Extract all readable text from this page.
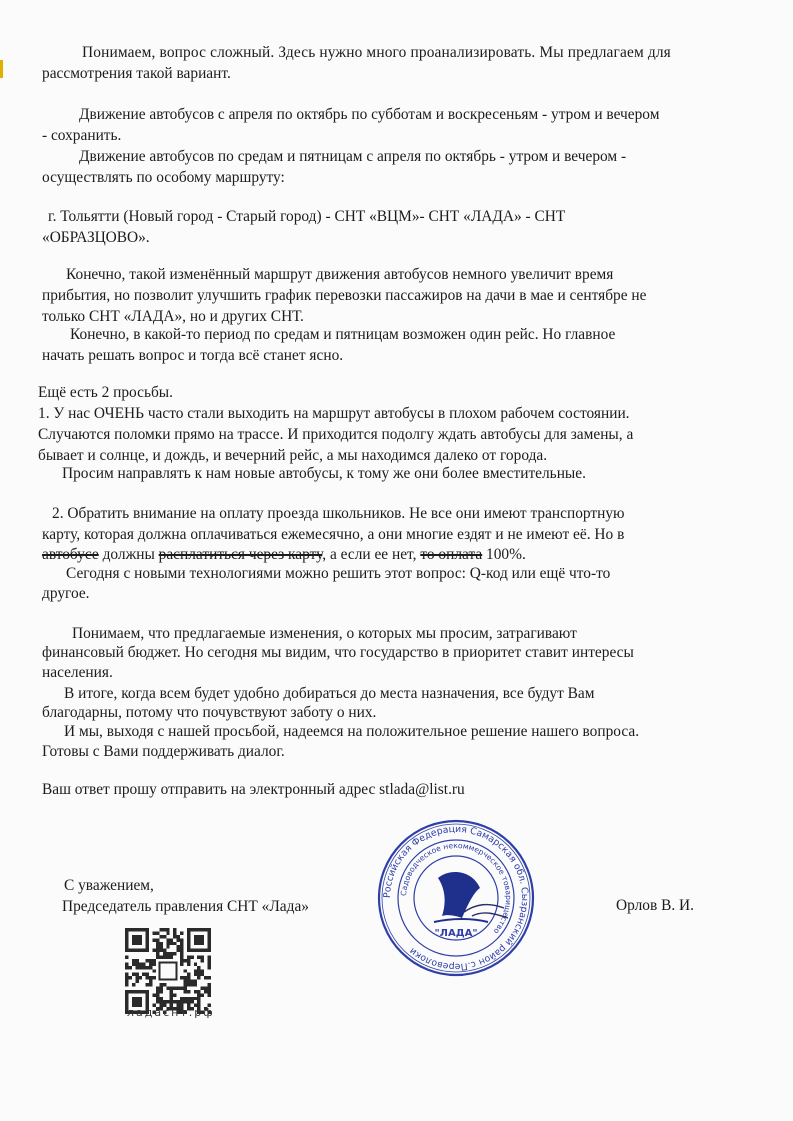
Понимаем, вопрос сложный. Здесь нужно много проанализировать. Мы предлагаем для
рассмотрения такой вариант.
Движение автобусов с апреля по октябрь по субботам и воскресеньям - утром и вечером
- сохранить.
Движение автобусов по средам и пятницам с апреля по октябрь - утром и вечером -
осуществлять по особому маршруту:
г. Тольятти (Новый город - Старый город) - СНТ «ВЦМ»- СНТ «ЛАДА» - СНТ
«ОБРАЗЦОВО».
Конечно, такой изменённый маршрут движения автобусов немного увеличит время
прибытия, но позволит улучшить график перевозки пассажиров на дачи в мае и сентябре не
только СНТ «ЛАДА», но и других СНТ.
Конечно, в какой-то период по средам и пятницам возможен один рейс. Но главное
начать решать вопрос и тогда всё станет ясно.
Ещё есть 2 просьбы.
1. У нас ОЧЕНЬ часто стали выходить на маршрут автобусы в плохом рабочем состоянии.
Случаются поломки прямо на трассе. И приходится подолгу ждать автобусы для замены, а
бывает и солнце, и дождь, и вечерний рейс, а мы находимся далеко от города.
Просим направлять к нам новые автобусы, к тому же они более вместительные.
2. Обратить внимание на оплату проезда школьников. Не все они имеют транспортную
карту, которая должна оплачиваться ежемесячно, а они многие ездят и не имеют её. Но в
автобусе должны расплатиться через карту, а если ее нет, то оплата 100%.
Сегодня с новыми технологиями можно решить этот вопрос: Q-код или ещё что-то
другое.
Понимаем, что предлагаемые изменения, о которых мы просим, затрагивают
финансовый бюджет. Но сегодня мы видим, что государство в приоритет ставит интересы
населения.
В итоге, когда всем будет удобно добираться до места назначения, все будут Вам
благодарны, потому что почувствуют заботу о них.
И мы, выходя с нашей просьбой, надеемся на положительное решение нашего вопроса.
Готовы с Вами поддерживать диалог.
Ваш ответ прошу отправить на электронный адрес stlada@list.ru
С уважением,
Председатель правления СНТ «Лада»	Орлов В. И.
Российская Федерация Самарская обл. Сызранский район с.Переволоки
Садоводческое некоммерческое товарищество
"ЛАДА"
ладаснт.рф
